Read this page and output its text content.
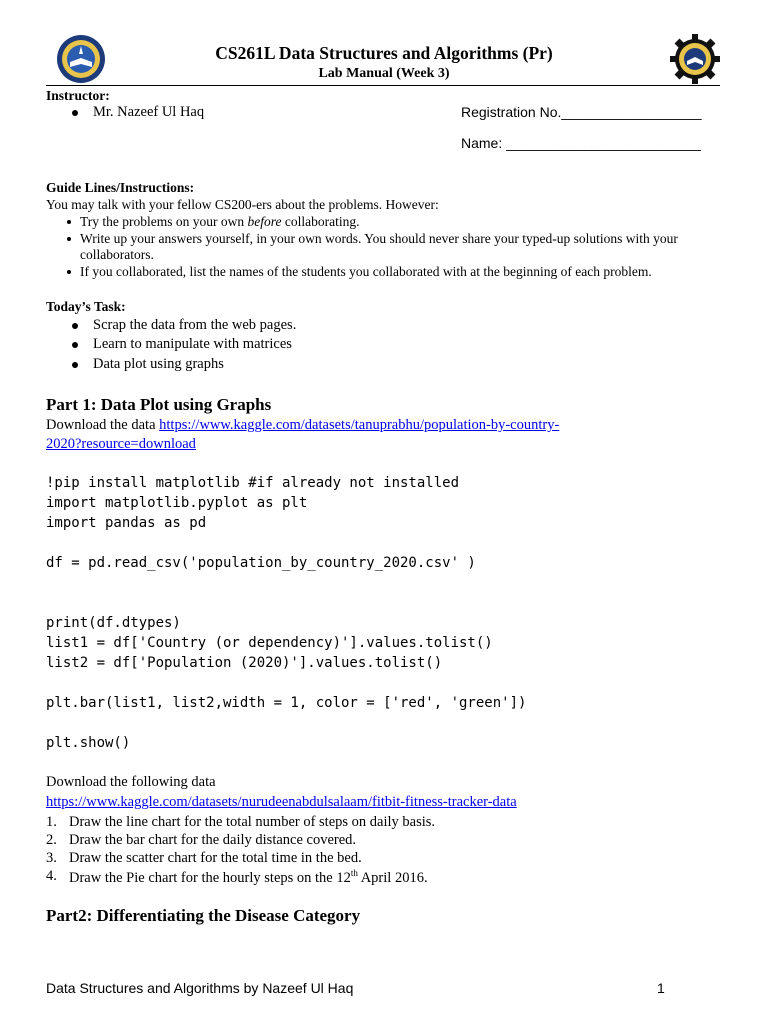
CS261L Data Structures and Algorithms (Pr)
Lab Manual (Week 3)
Instructor:
Mr. Nazeef Ul Haq	Registration No.__________________
Name: _________________________
Guide Lines/Instructions:
You may talk with your fellow CS200-ers about the problems. However:
Try the problems on your own before collaborating.
Write up your answers yourself, in your own words. You should never share your typed-up solutions with your
collaborators.
If you collaborated, list the names of the students you collaborated with at the beginning of each problem.
Today’s Task:
Scrap the data from the web pages.
Learn to manipulate with matrices
Data plot using graphs
Part 1: Data Plot using Graphs
Download the data https://www.kaggle.com/datasets/tanuprabhu/population-by-country-
2020?resource=download
!pip install matplotlib #if already not installed
import matplotlib.pyplot as plt
import pandas as pd
df = pd.read_csv('population_by_country_2020.csv' )
print(df.dtypes)
list1 = df['Country (or dependency)'].values.tolist()
list2 = df['Population (2020)'].values.tolist()
plt.bar(list1, list2,width = 1, color = ['red', 'green'])
plt.show()
Download the following data
https://www.kaggle.com/datasets/nurudeenabdulsalaam/fitbit-fitness-tracker-data
1. Draw the line chart for the total number of steps on daily basis.
2. Draw the bar chart for the daily distance covered.
3. Draw the scatter chart for the total time in the bed.
4. Draw the Pie chart for the hourly steps on the 12th April 2016.
Part2: Differentiating the Disease Category
Data Structures and Algorithms by Nazeef Ul Haq	1
